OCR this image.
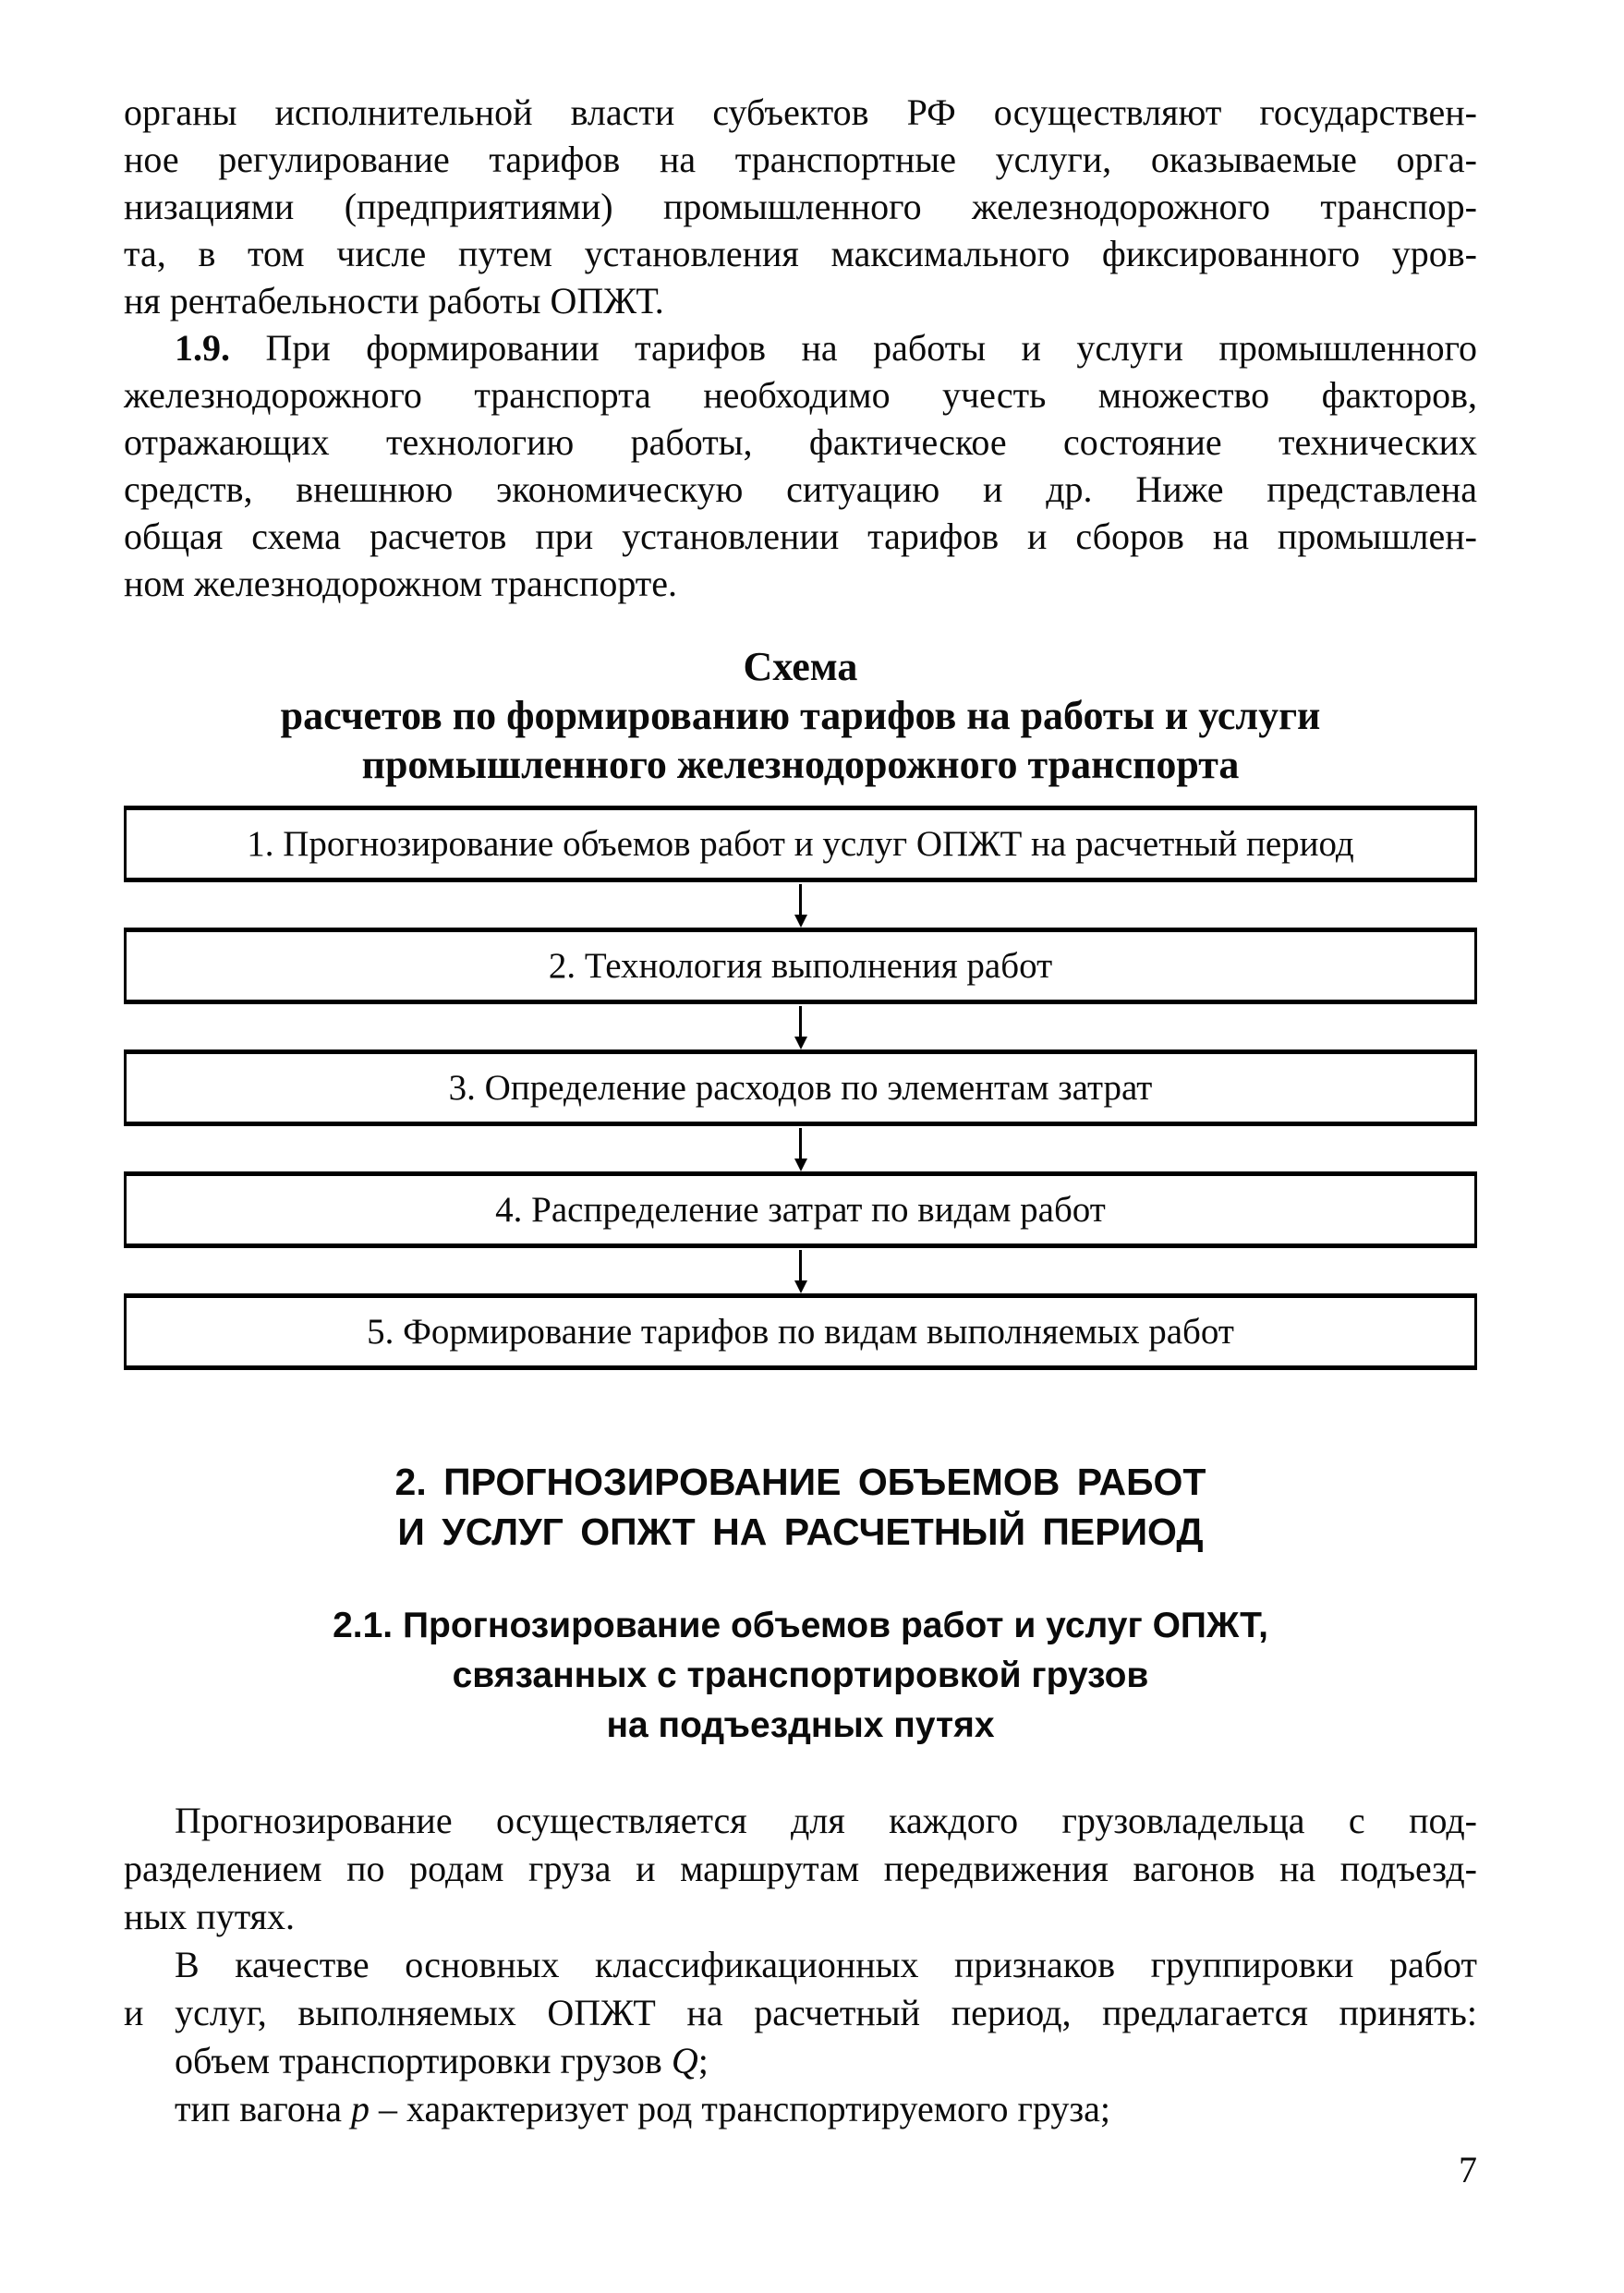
органы исполнительной власти субъектов РФ осуществляют государствен-
ное регулирование тарифов на транспортные услуги, оказываемые орга-
низациями (предприятиями) промышленного железнодорожного транспор-
та, в том числе путем установления максимального фиксированного уров-
ня рентабельности работы ОПЖТ.
1.9. При формировании тарифов на работы и услуги промышленного
железнодорожного транспорта необходимо учесть множество факторов,
отражающих технологию работы, фактическое состояние технических
средств, внешнюю экономическую ситуацию и др. Ниже представлена
общая схема расчетов при установлении тарифов и сборов на промышлен-
ном железнодорожном транспорте.
Схема
расчетов по формированию тарифов на работы и услуги
промышленного железнодорожного транспорта
1. Прогнозирование объемов работ и услуг ОПЖТ на расчетный период
2. Технология выполнения работ
3. Определение расходов по элементам затрат
4. Распределение затрат по видам работ
5. Формирование тарифов по видам выполняемых работ
2. ПРОГНОЗИРОВАНИЕ ОБЪЕМОВ РАБОТ
И УСЛУГ ОПЖТ НА РАСЧЕТНЫЙ ПЕРИОД
2.1. Прогнозирование объемов работ и услуг ОПЖТ,
связанных с транспортировкой грузов
на подъездных путях
Прогнозирование осуществляется для каждого грузовладельца с под-
разделением по родам груза и маршрутам передвижения вагонов на подъезд-
ных путях.
В качестве основных классификационных признаков группировки работ
и услуг, выполняемых ОПЖТ на расчетный период, предлагается принять:
объем транспортировки грузов Q;
тип вагона p – характеризует род транспортируемого груза;
7
